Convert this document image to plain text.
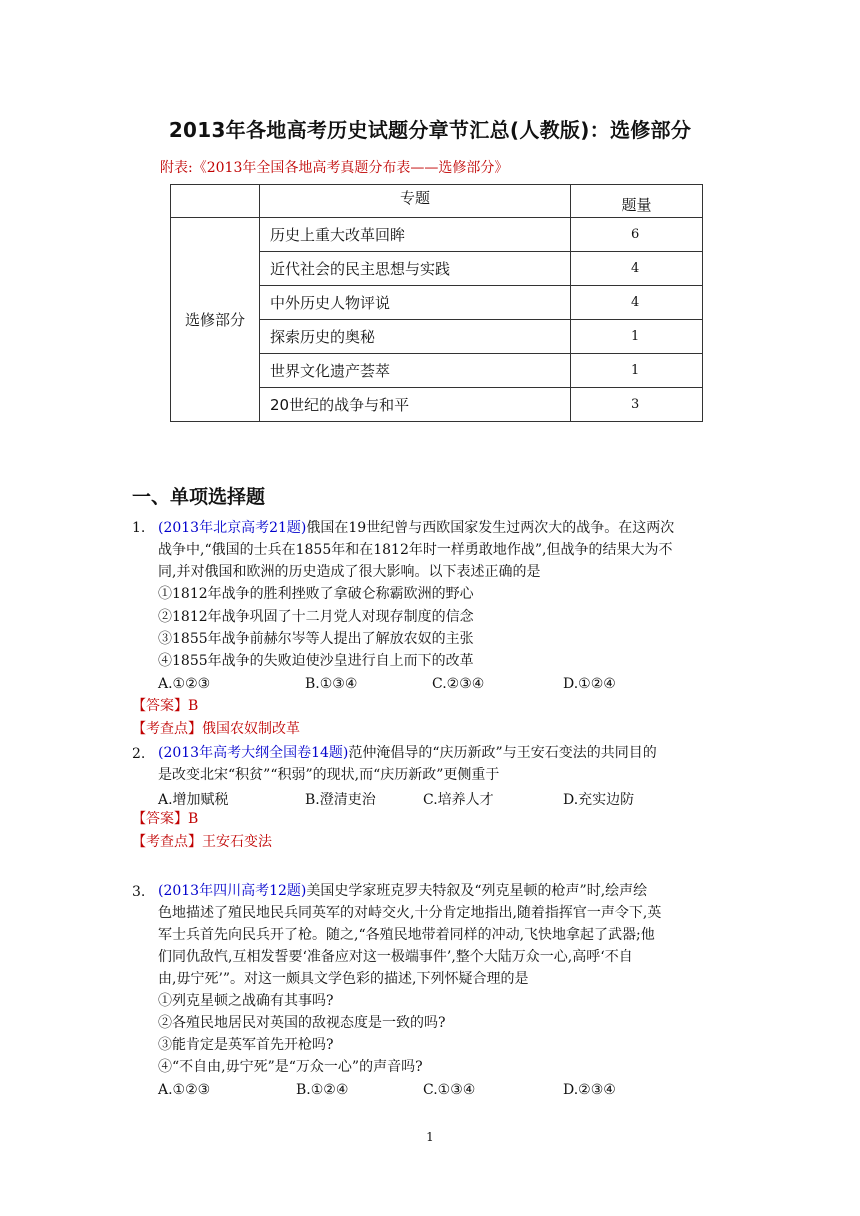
2013年各地高考历史试题分章节汇总(人教版)：选修部分
附表:《2013年全国各地高考真题分布表——选修部分》
	专题	题量
选修部分	历史上重大改革回眸	6
	近代社会的民主思想与实践	4
	中外历史人物评说	4
	探索历史的奥秘	1
	世界文化遗产荟萃	1
	20世纪的战争与和平	3
一、单项选择题
1. (2013年北京高考21题)俄国在19世纪曾与西欧国家发生过两次大的战争。在这两次
战争中,“俄国的士兵在1855年和在1812年时一样勇敢地作战”,但战争的结果大为不
同,并对俄国和欧洲的历史造成了很大影响。以下表述正确的是
①1812年战争的胜利挫败了拿破仑称霸欧洲的野心
②1812年战争巩固了十二月党人对现存制度的信念
③1855年战争前赫尔岑等人提出了解放农奴的主张
④1855年战争的失败迫使沙皇进行自上而下的改革
A.①②③	B.①③④	C.②③④	D.①②④
【答案】B
【考查点】俄国农奴制改革
2. (2013年高考大纲全国卷14题)范仲淹倡导的“庆历新政”与王安石变法的共同目的
是改变北宋“积贫”“积弱”的现状,而“庆历新政”更侧重于
A.增加赋税	B.澄清吏治	C.培养人才	D.充实边防
【答案】B
【考查点】王安石变法
3. (2013年四川高考12题)美国史学家班克罗夫特叙及“列克星顿的枪声”时,绘声绘
色地描述了殖民地民兵同英军的对峙交火,十分肯定地指出,随着指挥官一声令下,英
军士兵首先向民兵开了枪。随之,“各殖民地带着同样的冲动,飞快地拿起了武器;他
们同仇敌忾,互相发誓要‘准备应对这一极端事件’,整个大陆万众一心,高呼‘不自
由,毋宁死’”。对这一颇具文学色彩的描述,下列怀疑合理的是
①列克星顿之战确有其事吗?
②各殖民地居民对英国的敌视态度是一致的吗?
③能肯定是英军首先开枪吗?
④“不自由,毋宁死”是“万众一心”的声音吗?
A.①②③	B.①②④	C.①③④	D.②③④
1
